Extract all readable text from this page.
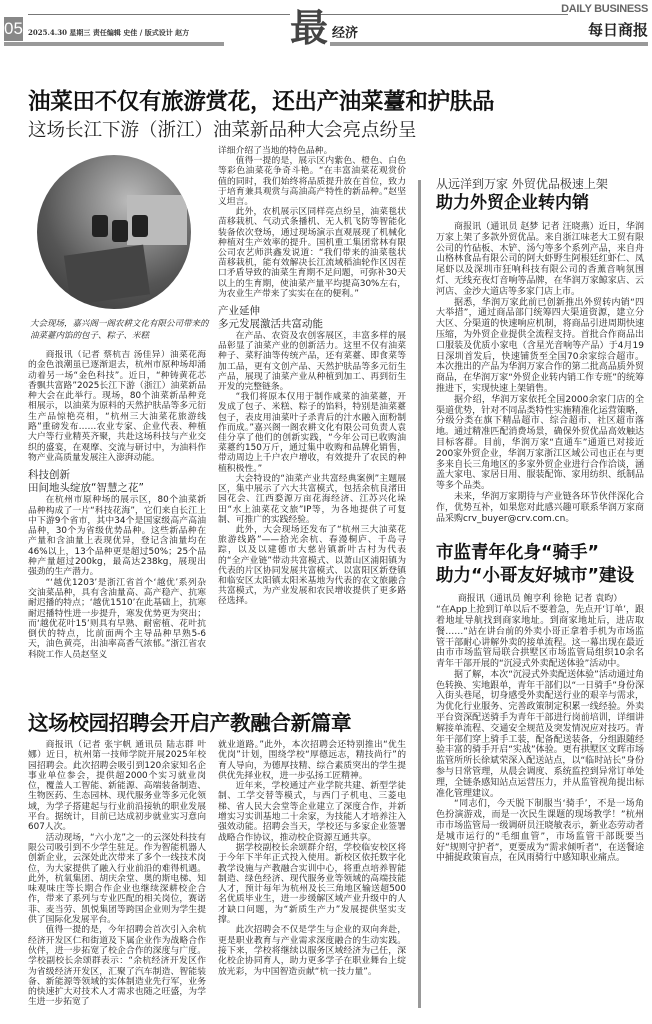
05 2025.4.30 星期三 责任编辑 史佳 / 版式设计 赵方	最 经济
DAILY BUSINESS
每日商报
油菜田不仅有旅游赏花，还出产油菜薹和护肤品
这场长江下游（浙江）油菜新品种大会亮点纷呈
大会现场，嘉兴阁一阁农耕文化有限公司带来的油菜薹内馅的包子、粽子、米糕

商报讯（记者 蔡杭吉 汤佳异）油菜花海的金色浪潮虽已逐渐退去，杭州市原种场却涌动着另一场“金色科技”。近日，“种铸黄花芯 香飘共富路”2025长江下游（浙江）油菜新品种大会在此举行。现场，80个油菜新品种竞相展示，以油菜为原料的天然护肤品等多元衍生产品惊艳亮相，“杭州三大油菜花旅游线路”重磅发布……农业专家、企业代表、种植大户等行业精英齐聚，共赴这场科技与产业交织的盛宴，在观摩、交流与研讨中，为油料作物产业高质量发展注入澎湃动能。

科技创新
田间地头绽放“智慧之花”

在杭州市原种场的展示区，80个油菜新品种构成了一片“科技花海”，它们来自长江上中下游9个省市，其中34个是国家级高产高油品种，30个为省级优势品种。这些新品种在产量和含油量上表现优异，登记含油量均在46%以上，13个品种更是超过50%；25个品种产量超过200kg，最高达238kg，展现出强劲的生产潜力。

“‘越优1203’是浙江省首个‘越优’系列杂交油菜品种，具有含油量高、高产稳产、抗寒耐迟播的特点；‘越优1510’在此基础上，抗寒耐迟播特性进一步提升，寒发优势更为突出；而‘越优花叶15’则具有早熟、耐密植、花叶抗倒伏的特点，比前面两个主导品种早熟5-6天，油色黄亮，出油率高香气浓郁。”浙江省农科院工作人员赵坚义

详细介绍了当地的特色品种。

值得一提的是，展示区内紫色、橙色、白色等彩色油菜花争奇斗艳。“在丰富油菜花观赏价值的同时，我们始终将品质提升放在首位，致力于培育兼具观赏与高油高产特性的新品种。”赵坚义坦言。

此外，农机展示区同样亮点纷呈，油菜毯状苗移栽机、气动式条播机、无人机飞防等智能化装备依次登场，通过现场演示直观展现了机械化种植对生产效率的提升。国机重工集团常林有限公司农艺师洪鑫发说道：“我们带来的油菜毯状苗移栽机，能有效解决长江流域稻油轮作区因茬口矛盾导致的油菜生育期不足问题，可弥补30天以上的生育期，使油菜产量平均提高30%左右，为农业生产带来了实实在在的便利。”

产业延伸
多元发展激活共富动能

在产品、农资及农创客展区，丰富多样的展品彰显了油菜产业的创新活力。这里不仅有油菜种子、菜籽油等传统产品，还有菜薹、即食菜等加工品，更有文创产品、天然护肤品等多元衍生产品，展现了油菜产业从种植到加工、再到衍生开发的完整链条。

“我们将原本仅用于制作咸菜的油菜薹，开发成了包子、米糕、粽子的馅料，特别是油菜薹包子，表皮用油菜叶子杀青后的汁水融入面粉制作而成。”嘉兴阁一阁农耕文化有限公司负责人袁佳分享了他们的创新实践，“今年公司已收购油菜薹约150万斤，通过集中收购和品牌化销售，带动周边上千户农户增收，有效提升了农民的种植积极性。”

大会特设的“油菜产业共富经典案例”主题展区，集中展示了六大共富模式，包括余杭良渚田园花会、江西婺源万亩花海经济、江苏兴化垛田“水上油菜花文旅”IP等，为各地提供了可复制、可推广的实践经验。

此外，大会现场还发布了“杭州三大油菜花旅游线路”——拾光余杭、春漫桐庐、千岛寻踪，以及以建德市大慈岩镇新叶古村为代表的“全产业链”带动共富模式、以萧山区浦阳镇为代表的片区协同发展共富模式、以富阳区新登镇和临安区太阳镇太阳米基地为代表的农文旅融合共富模式，为产业发展和农民增收提供了更多路径选择。

从远洋到万家 外贸优品极速上架
助力外贸企业转内销

商报讯（通讯员 赵梦 记者 汪晓燕）近日，华润万家上架了多款外贸优品。来自浙江味老大工贸有限公司的竹砧板、木铲、汤勺等多个系列产品，来自舟山格林食品有限公司的阿大虾野生阿根廷红虾仁、凤尾虾以及深圳市狂响科技有限公司的香薰音响氛围灯、无线充夜灯音响等品牌，在华润万家鲸家店、云河店、金沙大道店等多家门店上市。

据悉，华润万家此前已创新推出外贸转内销“四大举措”，通过商品部门统筹四大渠道资源，建立分大区、分渠道的快速响应机制，将商品引进周期快速压缩，为外贸企业提供全流程支持。首批合作商品出口服装及优质小家电（含星光音响等产品）于4月19日深圳首发后，快速铺货至全国70余家综合超市。本次推出的产品为华润万家合作的第二批高品质外贸商品，在华润万家“外贸企业转内销工作专班”的统筹推进下，实现快速上架销售。

据介绍，华润万家依托全国2000余家门店的全渠道优势，针对不同品类特性实施精准化运营策略，分级分类在旗下精品超市、综合超市、社区超市落地。通过精准匹配消费场景，确保外贸优品高效触达目标客群。目前，华润万家“直通车”通道已对接近200家外贸企业，华润万家浙江区域公司也正在与更多来自长三角地区的多家外贸企业进行合作洽谈，涵盖大家电、家居日用、服装配饰、家用纺织、纸制品等多个品类。

未来，华润万家期待与产业链各环节伙伴深化合作，优势互补，如果您对此感兴趣可联系华润万家商品采购crv_buyer@crv.com.cn。

市监青年化身“骑手”
助力“小哥友好城市”建设

商报讯（通讯员 鲍亨利 徐艳 记者 袁昀）

“在App上抢到订单以后不要着急，先点开‘订单’，跟着地址导航找到商家地址。到商家地址后，进店取餐……”站在讲台前的外卖小哥正拿着手机为市场监管干部耐心讲解外卖的接单流程。这一幕出现在最近由市市场监管局联合拱墅区市场监管局组织10余名青年干部开展的“沉浸式外卖配送体验”活动中。

据了解，本次“沉浸式外卖配送体验”活动通过角色转换、实地跟单，青年干部们以“一日骑手”身份深入街头巷尾，切身感受外卖配送行业的艰辛与需求，为优化行业服务、完善政策制定积累一线经验。外卖平台资深配送骑手为青年干部进行岗前培训，详细讲解接单流程、交通安全规范及突发情况应对技巧。青年干部们穿上骑手工装，配备配送装备，分组跟随经验丰富的骑手开启“实战”体验。更有拱墅区文晖市场监管所所长徐斌荣深入配送站点，以“临时站长”身份参与日常管理，从晨会调度、系统监控到异常订单处理，全链条感知站点运营压力，并从监管视角提出标准化管理建议。

“同志们，今天脱下制服当‘骑手’，不是一场角色扮演游戏，而是一次民生课题的现场教学！”杭州市市场监管局一级调研员汪晓敏表示，新业态劳动者是城市运行的“毛细血管”，市场监管干部既要当好“规则守护者”，更要成为“需求倾听者”，在送餐途中捕捉政策盲点，在风雨骑行中感知职业痛点。

这场校园招聘会开启产教融合新篇章

商报讯（记者 张宇帆 通讯员 陆志群 叶娜）近日，杭州第一技师学院开展2025年校园招聘会。此次招聘会吸引到120余家知名企事业单位参会，提供超2000个实习就业岗位，覆盖人工智能、新能源、高端装备制造、生物医药、生态园林、现代服务业等多元化领域，为学子搭建起与行业前沿接轨的职业发展平台。据统计，目前已达成初步就业实习意向607人次。

活动现场，“六小龙”之一的云深处科技有限公司吸引到不少学生驻足。作为智能机器人创新企业，云深处此次带来了多个一线技术岗位，为大家提供了融入行业前沿的难得机遇。此外，杭氧集团、胡庆余堂、奥的斯电梯、知味观味庄等长期合作企业也继续深耕校企合作，带来了系列与专业匹配的相关岗位，赛诺菲、麦当劳、凯悦集团等跨国企业则为学生提供了国际化发展平台。

值得一提的是，今年招聘会首次引入余杭经济开发区仁和街道及下属企业作为战略合作伙伴，进一步拓宽了校企合作的深度与广度。学校副校长余颂群表示：“余杭经济开发区作为省级经济开发区，汇聚了汽车制造、智能装备、新能源等领域的实体制造业先行军，业务的快速扩大对技术人才需求也随之旺盛，为学生进一步拓宽了

就业道路。”此外，本次招聘会还特别推出“优生优岗”计划，围绕学校“厚德远志，精技尚行”的育人导向，为德厚技精、综合素质突出的学生提供优先择业权，进一步弘扬工匠精神。

近年来，学校通过产业学院共建、新型学徒制、工学交替等模式，与西门子机电、三菱电梯、省人民大会堂等企业建立了深度合作，并新增实习实训基地二十余家，为技能人才培养注入强效动能。招聘会当天，学校还与多家企业签署战略合作协议，推动校企资源互通共享。

据学校副校长余颂群介绍，学校临安校区将于今年下半年正式投入使用。新校区依托数字化教学设施与产教融合实训中心，将重点培养智能制造、绿色经济、现代服务业等领域的高端技能人才，预计每年为杭州及长三角地区输送超500名优质毕业生，进一步缓解区域产业升级中的人才缺口问题，为“新质生产力”发展提供坚实支撑。

此次招聘会不仅是学生与企业的双向奔赴，更是职业教育与产业需求深度融合的生动实践。接下来，学校将继续以服务区域经济为己任，深化校企协同育人，助力更多学子在职业舞台上绽放光彩，为中国智造贡献“杭一技力量”。
